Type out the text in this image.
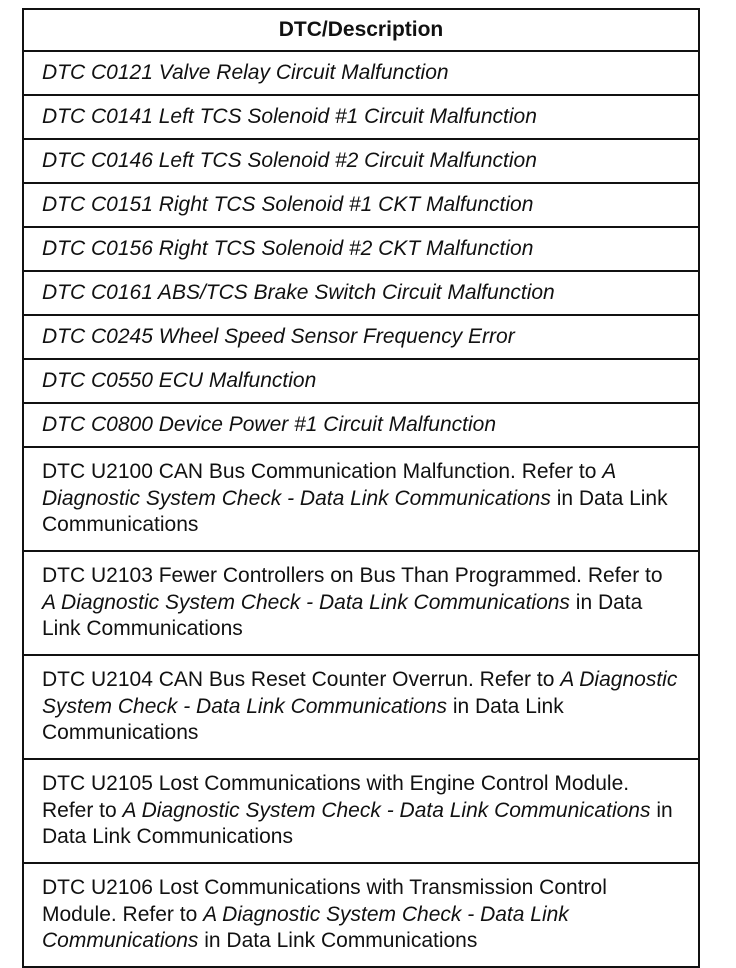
DTC/Description
DTC C0121 Valve Relay Circuit Malfunction
DTC C0141 Left TCS Solenoid #1 Circuit Malfunction
DTC C0146 Left TCS Solenoid #2 Circuit Malfunction
DTC C0151 Right TCS Solenoid #1 CKT Malfunction
DTC C0156 Right TCS Solenoid #2 CKT Malfunction
DTC C0161 ABS/TCS Brake Switch Circuit Malfunction
DTC C0245 Wheel Speed Sensor Frequency Error
DTC C0550 ECU Malfunction
DTC C0800 Device Power #1 Circuit Malfunction
DTC U2100 CAN Bus Communication Malfunction. Refer to A Diagnostic System Check - Data Link Communications in Data Link Communications
DTC U2103 Fewer Controllers on Bus Than Programmed. Refer to A Diagnostic System Check - Data Link Communications in Data Link Communications
DTC U2104 CAN Bus Reset Counter Overrun. Refer to A Diagnostic System Check - Data Link Communications in Data Link Communications
DTC U2105 Lost Communications with Engine Control Module. Refer to A Diagnostic System Check - Data Link Communications in Data Link Communications
DTC U2106 Lost Communications with Transmission Control Module. Refer to A Diagnostic System Check - Data Link Communications in Data Link Communications
